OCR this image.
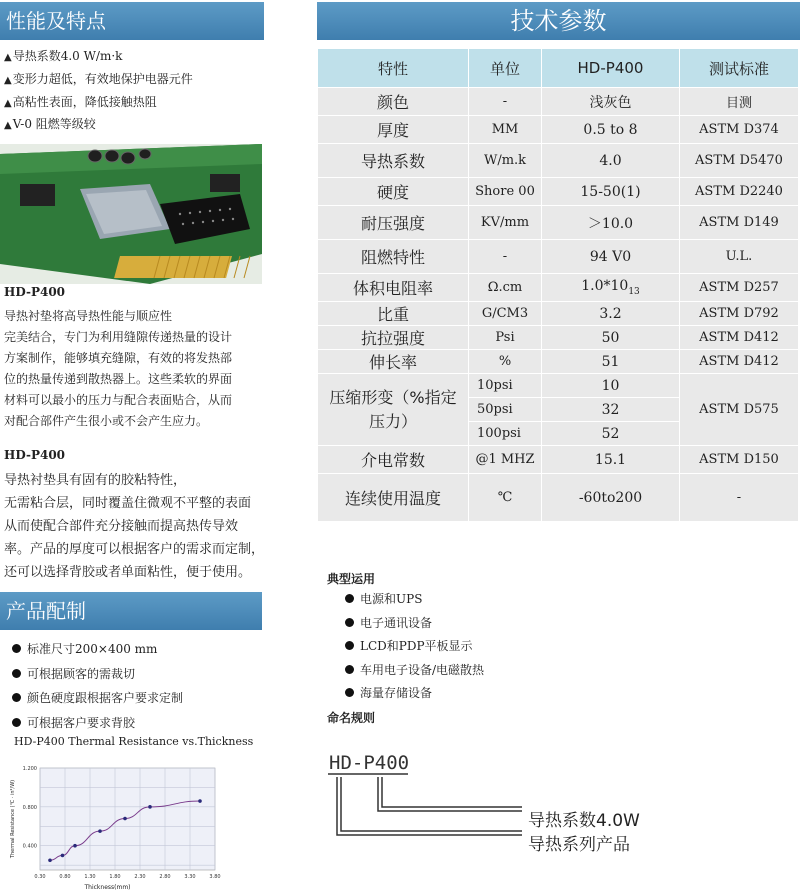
性能及特点
▲导热系数4.0 W/m·k
▲变形力超低，有效地保护电器元件
▲高粘性表面，降低接触热阻
▲V-0 阻燃等级较
HD-P400
导热衬垫将高导热性能与顺应性
完美结合，专门为利用缝隙传递热量的设计
方案制作，能够填充缝隙，有效的将发热部
位的热量传递到散热器上。这些柔软的界面
材料可以最小的压力与配合表面贴合，从而
对配合部件产生很小或不会产生应力。
HD-P400
导热衬垫具有固有的胶粘特性，
无需粘合层，同时覆盖住微观不平整的表面
从而使配合部件充分接触而提高热传导效
率。产品的厚度可以根据客户的需求而定制，
还可以选择背胶或者单面粘性，便于使用。
产品配制
标准尺寸200×400 mm
可根据顾客的需裁切
颜色硬度跟根据客户要求定制
可根据客户要求背胶
HD-P400 Thermal Resistance vs.Thickness
0.30	0.80	1.30	1.80	2.30	2.80	3.30	3.80
0.400
0.800
1.200
Thickness(mm)
Thermal Resistance (℃ · in²/W)
技术参数
特性	单位	HD-P400	测试标准
颜色	-	浅灰色	目测
厚度	MM	0.5 to 8	ASTM D374
导热系数	W/m.k	4.0	ASTM D5470
硬度	Shore 00	15-50(1)	ASTM D2240
耐压强度	KV/mm	＞10.0	ASTM D149
阻燃特性	-	94 V0	U.L.
体积电阻率	Ω.cm	$1.0*10_{13}$	ASTM D257
比重	G/CM3	3.2	ASTM D792
抗拉强度	Psi	50	ASTM D412
伸长率	%	51	ASTM D412
压缩形变（%指定压力）	10psi	10	ASTM D575
	50psi	32	
	100psi	52	
介电常数	@1 MHZ	15.1	ASTM D150
连续使用温度	℃	-60to200	-
典型运用
电源和UPS
电子通讯设备
LCD和PDP平板显示
车用电子设备/电磁散热
海量存储设备
命名规则
HD-P400
导热系数4.0W
导热系列产品
